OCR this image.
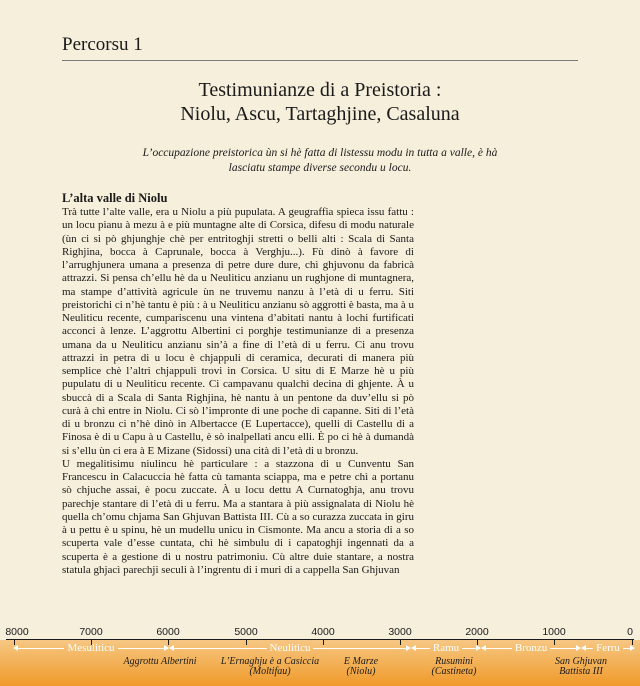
Percorsu 1
Testimunianze di a Preistoria :
Niolu, Ascu, Tartaghjine, Casaluna
L’occupazione preistorica ùn si hè fatta di listessu modu in tutta a valle, è hà
lasciatu stampe diverse secondu u locu.
L’alta valle di Niolu

Trà tutte l’alte valle, era u Niolu a più pupulata. A geugraffia spieca issu fattu : un locu pianu à mezu à e più muntagne alte di Corsica, difesu di modu naturale (ùn ci si pò ghjunghje chè per entritoghji stretti o belli alti : Scala di Santa Righjina, bocca à Caprunale, bocca à Verghju...). Fù dinò à favore di l’arrughjunera umana a presenza di petre dure dure, chì ghjuvonu da fabricà attrazzi. Si pensa ch’ellu hè da u Neuliticu anzianu un rughjone di muntagnera, ma stampe d’attività agricule ùn ne truvemu nanzu à l’età di u ferru. Siti preistorichi ci n’hè tantu è più : à u Neuliticu anzianu sò aggrotti è basta, ma à u Neuliticu recente, cumpariscenu una vintena d’abitati nantu à lochi furtificati acconci à lenze. L’aggrottu Albertini ci porghje testimunianze di a presenza umana da u Neuliticu anzianu sin’à a fine di l’età di u ferru. Ci anu trovu attrazzi in petra di u locu è chjappuli di ceramica, decurati di manera più semplice chè l’altri chjappuli trovi in Corsica. U situ di E Marze hè u più pupulatu di u Neuliticu recente. Ci campavanu qualchì decina di ghjente. À u sbuccà di a Scala di Santa Righjina, hè nantu à un pentone da duv’ellu si pò curà à chì entre in Niolu. Ci sò l’impronte di une poche di capanne. Siti di l’età di u bronzu ci n’hè dinò in Albertacce (E Lupertacce), quelli di Castellu di a Finosa è di u Capu à u Castellu, è sò inalpellati ancu elli. È po ci hè à dumandà si s’ellu ùn ci era à E Mizane (Sidossi) una cità di l’età di u bronzu.

U megalitisimu niulincu hè particulare : a stazzona di u Cunventu San Francescu in Calacuccia hè fatta cù tamanta sciappa, ma e petre chì a portanu sò chjuche assai, è pocu zuccate. À u locu dettu A Curnatoghja, anu trovu parechje stantare di l’età di u ferru. Ma a stantara à più assignalata di Niolu hè quella ch’omu chjama San Ghjuvan Battista III. Cù a so curazza zuccata in giru à u pettu è u spinu, hè un mudellu unicu in Cismonte. Ma ancu a storia di a so scuperta vale d’esse cuntata, chì hè simbulu di i capatoghji ingennati da a scuperta è a gestione di u nostru patrimoniu. Cù altre duie stantare, a nostra statula ghjacì parechji seculi à l’ingrentu di i muri di a cappella San Ghjuvan

8000	7000	6000	5000	4000	3000	2000	1000	0
Mesuliticu	Neuliticu	Ramu	Bronzu	Ferru
Aggrottu Albertini L’Ernaghju è a Casiccia
(Moltifau)
E Marze
(Niolu)
Rusumini
(Castineta)
San Ghjuvan
Battista III
